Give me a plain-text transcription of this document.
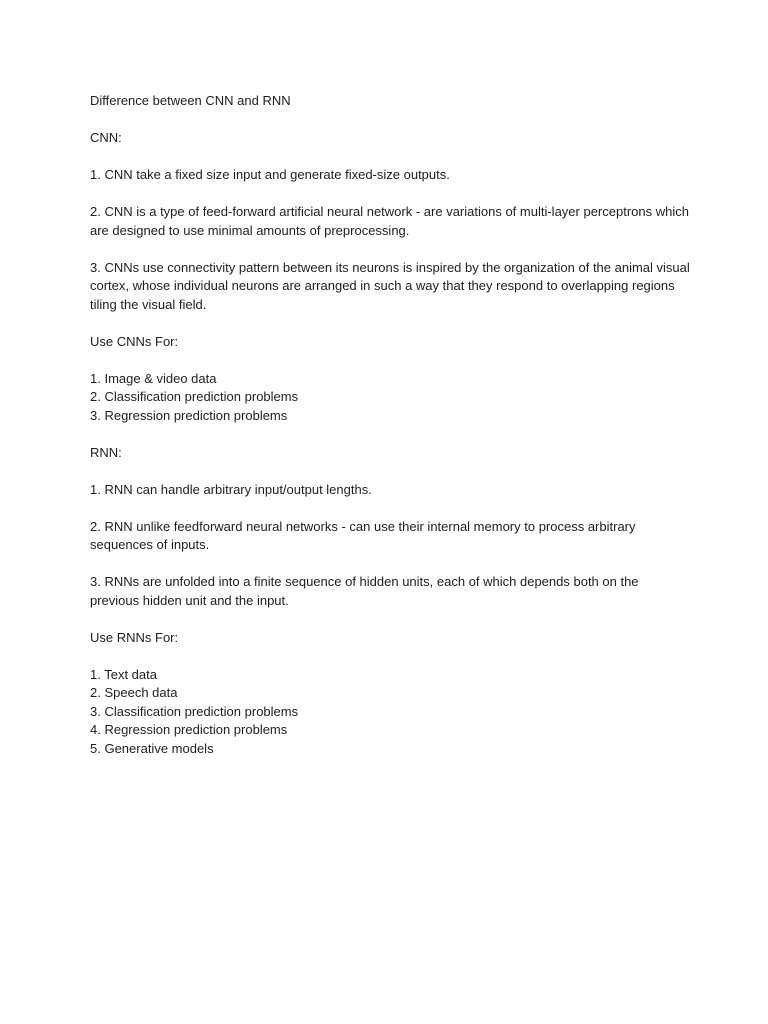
Difference between CNN and RNN

CNN:

1. CNN take a fixed size input and generate fixed-size outputs.

2. CNN is a type of feed-forward artificial neural network - are variations of multi-layer perceptrons which are designed to use minimal amounts of preprocessing.

3. CNNs use connectivity pattern between its neurons is inspired by the organization of the animal visual cortex, whose individual neurons are arranged in such a way that they respond to overlapping regions tiling the visual field.

Use CNNs For:

1. Image & video data
2. Classification prediction problems
3. Regression prediction problems

RNN:

1. RNN can handle arbitrary input/output lengths.

2. RNN unlike feedforward neural networks - can use their internal memory to process arbitrary sequences of inputs.

3. RNNs are unfolded into a finite sequence of hidden units, each of which depends both on the previous hidden unit and the input.

Use RNNs For:

1. Text data
2. Speech data
3. Classification prediction problems
4. Regression prediction problems
5. Generative models
